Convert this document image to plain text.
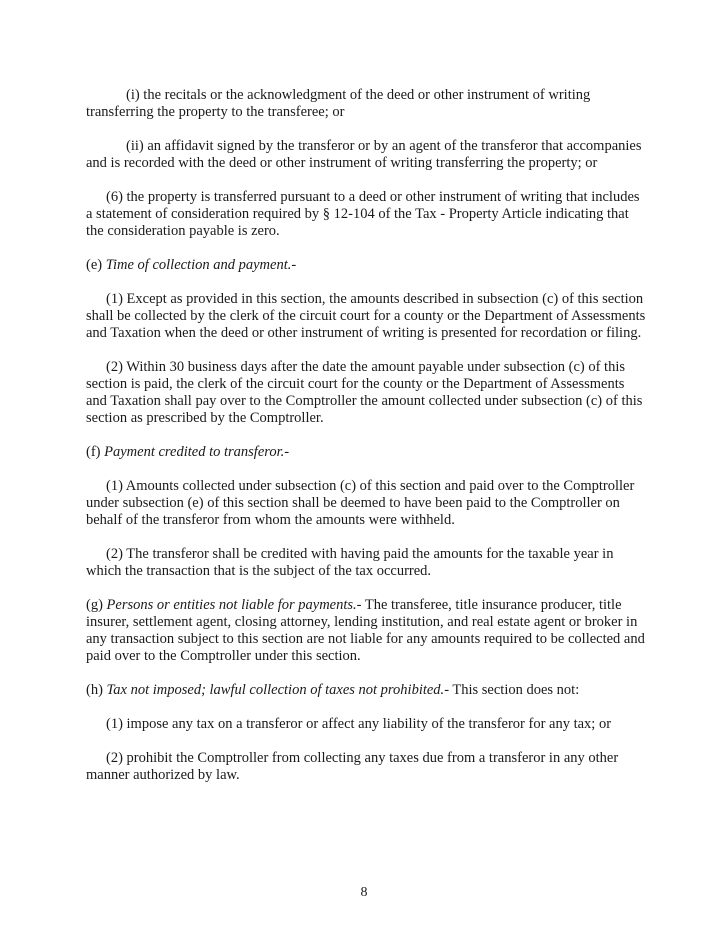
(i) the recitals or the acknowledgment of the deed or other instrument of writing transferring the property to the transferee; or

(ii) an affidavit signed by the transferor or by an agent of the transferor that accompanies and is recorded with the deed or other instrument of writing transferring the property; or

(6) the property is transferred pursuant to a deed or other instrument of writing that includes a statement of consideration required by § 12-104 of the Tax - Property Article indicating that the consideration payable is zero.

(e) Time of collection and payment.-

(1) Except as provided in this section, the amounts described in subsection (c) of this section shall be collected by the clerk of the circuit court for a county or the Department of Assessments and Taxation when the deed or other instrument of writing is presented for recordation or filing.

(2) Within 30 business days after the date the amount payable under subsection (c) of this section is paid, the clerk of the circuit court for the county or the Department of Assessments and Taxation shall pay over to the Comptroller the amount collected under subsection (c) of this section as prescribed by the Comptroller.

(f) Payment credited to transferor.-

(1) Amounts collected under subsection (c) of this section and paid over to the Comptroller under subsection (e) of this section shall be deemed to have been paid to the Comptroller on behalf of the transferor from whom the amounts were withheld.

(2) The transferor shall be credited with having paid the amounts for the taxable year in which the transaction that is the subject of the tax occurred.

(g) Persons or entities not liable for payments.- The transferee, title insurance producer, title insurer, settlement agent, closing attorney, lending institution, and real estate agent or broker in any transaction subject to this section are not liable for any amounts required to be collected and paid over to the Comptroller under this section.

(h) Tax not imposed; lawful collection of taxes not prohibited.- This section does not:

(1) impose any tax on a transferor or affect any liability of the transferor for any tax; or

(2) prohibit the Comptroller from collecting any taxes due from a transferor in any other manner authorized by law.

8
